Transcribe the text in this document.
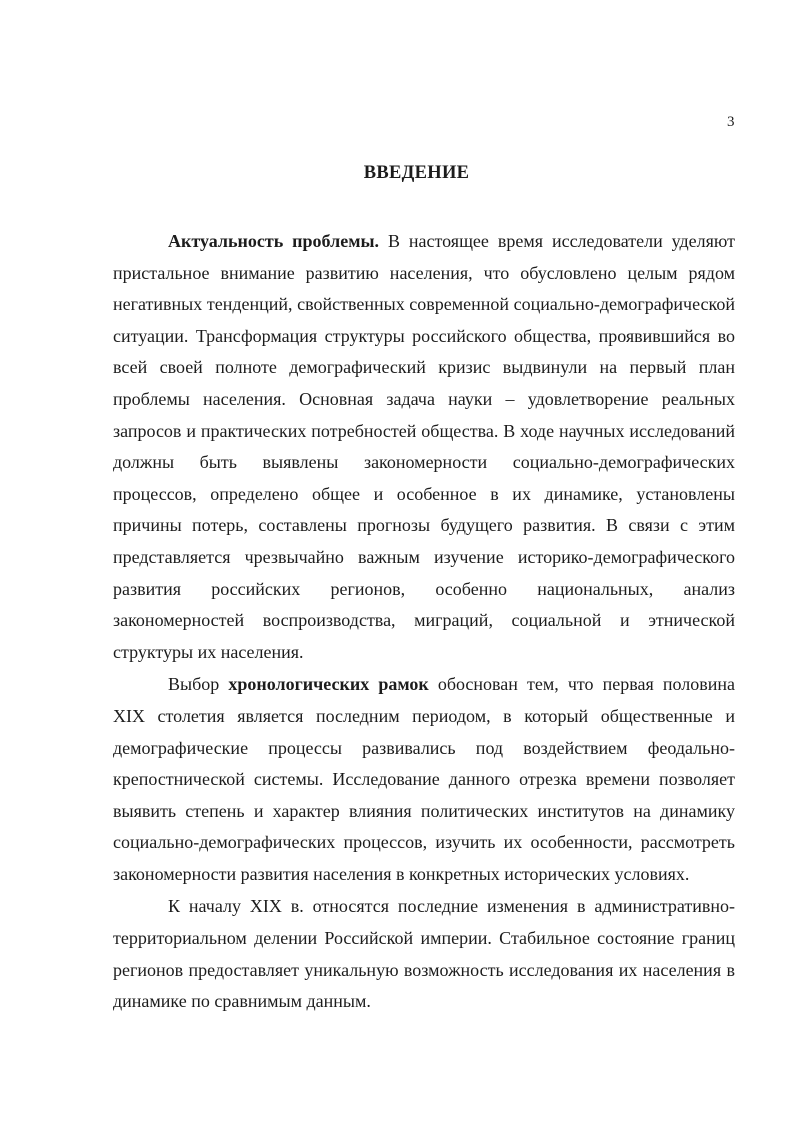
3
ВВЕДЕНИЕ

Актуальность проблемы. В настоящее время исследователи уделяют пристальное внимание развитию населения, что обусловлено целым рядом негативных тенденций, свойственных современной социально-демографической ситуации. Трансформация структуры российского общества, проявившийся во всей своей полноте демографический кризис выдвинули на первый план проблемы населения. Основная задача науки – удовлетворение реальных запросов и практических потребностей общества. В ходе научных исследований должны быть выявлены закономерности социально-демографических процессов, определено общее и особенное в их динамике, установлены причины потерь, составлены прогнозы будущего развития. В связи с этим представляется чрезвычайно важным изучение историко-демографического развития российских регионов, особенно национальных, анализ закономерностей воспроизводства, миграций, социальной и этнической структуры их населения.

Выбор хронологических рамок обоснован тем, что первая половина XIX столетия является последним периодом, в который общественные и демографические процессы развивались под воздействием феодально-крепостнической системы. Исследование данного отрезка времени позволяет выявить степень и характер влияния политических институтов на динамику социально-демографических процессов, изучить их особенности, рассмотреть закономерности развития населения в конкретных исторических условиях.

К началу XIX в. относятся последние изменения в административно-территориальном делении Российской империи. Стабильное состояние границ регионов предоставляет уникальную возможность исследования их населения в динамике по сравнимым данным.
